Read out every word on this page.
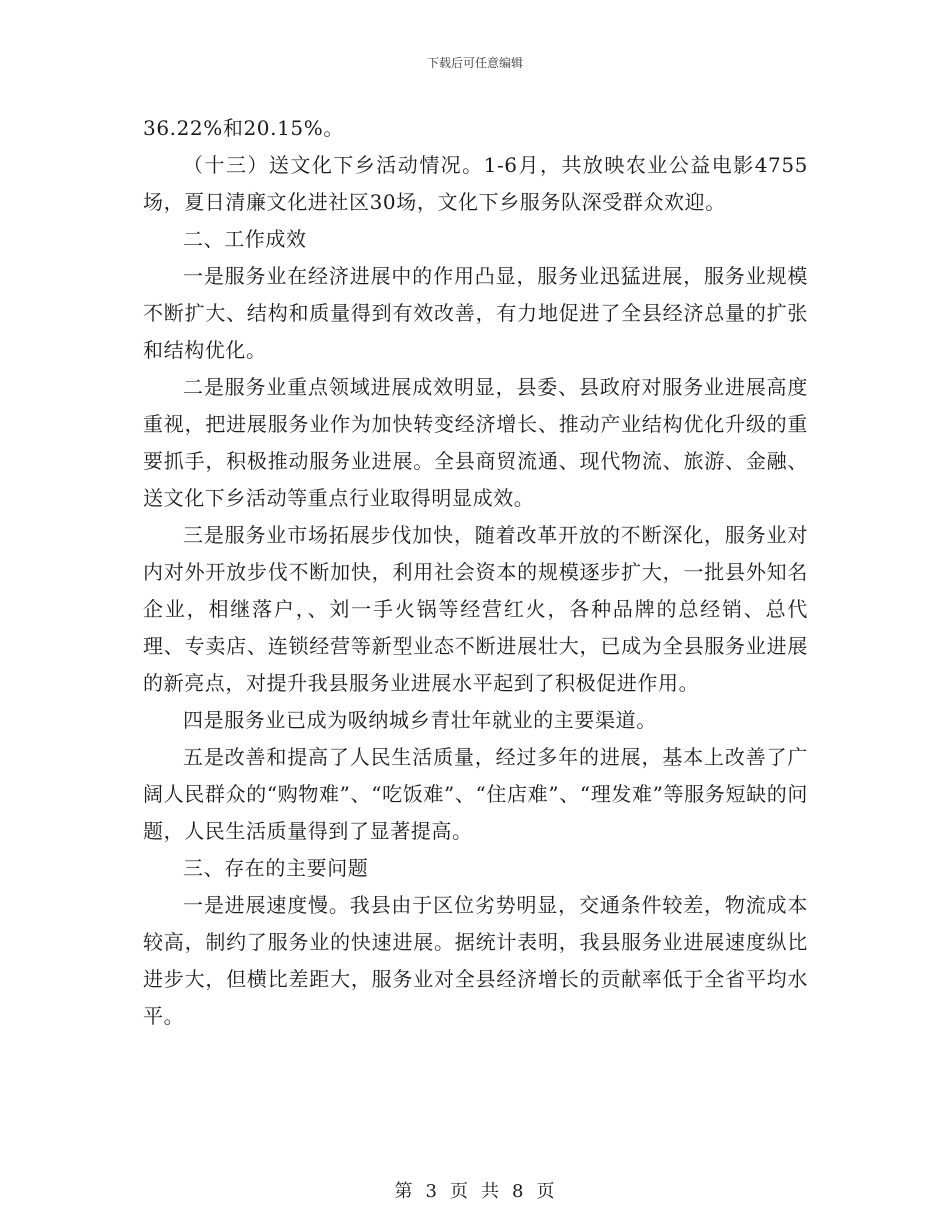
下载后可任意编辑

36.22%和20.15%。

（十三）送文化下乡活动情况。1-6月，共放映农业公益电影4755场，夏日清廉文化进社区30场，文化下乡服务队深受群众欢迎。

二、工作成效

一是服务业在经济进展中的作用凸显，服务业迅猛进展，服务业规模不断扩大、结构和质量得到有效改善，有力地促进了全县经济总量的扩张和结构优化。

二是服务业重点领域进展成效明显，县委、县政府对服务业进展高度重视，把进展服务业作为加快转变经济增长、推动产业结构优化升级的重要抓手，积极推动服务业进展。全县商贸流通、现代物流、旅游、金融、送文化下乡活动等重点行业取得明显成效。

三是服务业市场拓展步伐加快，随着改革开放的不断深化，服务业对内对外开放步伐不断加快，利用社会资本的规模逐步扩大，一批县外知名企业，相继落户，、刘一手火锅等经营红火，各种品牌的总经销、总代理、专卖店、连锁经营等新型业态不断进展壮大，已成为全县服务业进展的新亮点，对提升我县服务业进展水平起到了积极促进作用。

四是服务业已成为吸纳城乡青壮年就业的主要渠道。

五是改善和提高了人民生活质量，经过多年的进展，基本上改善了广阔人民群众的“购物难”、“吃饭难”、“住店难”、“理发难”等服务短缺的问题，人民生活质量得到了显著提高。

三、存在的主要问题

一是进展速度慢。我县由于区位劣势明显，交通条件较差，物流成本较高，制约了服务业的快速进展。据统计表明，我县服务业进展速度纵比进步大，但横比差距大，服务业对全县经济增长的贡献率低于全省平均水平。

第 3 页 共 8 页
